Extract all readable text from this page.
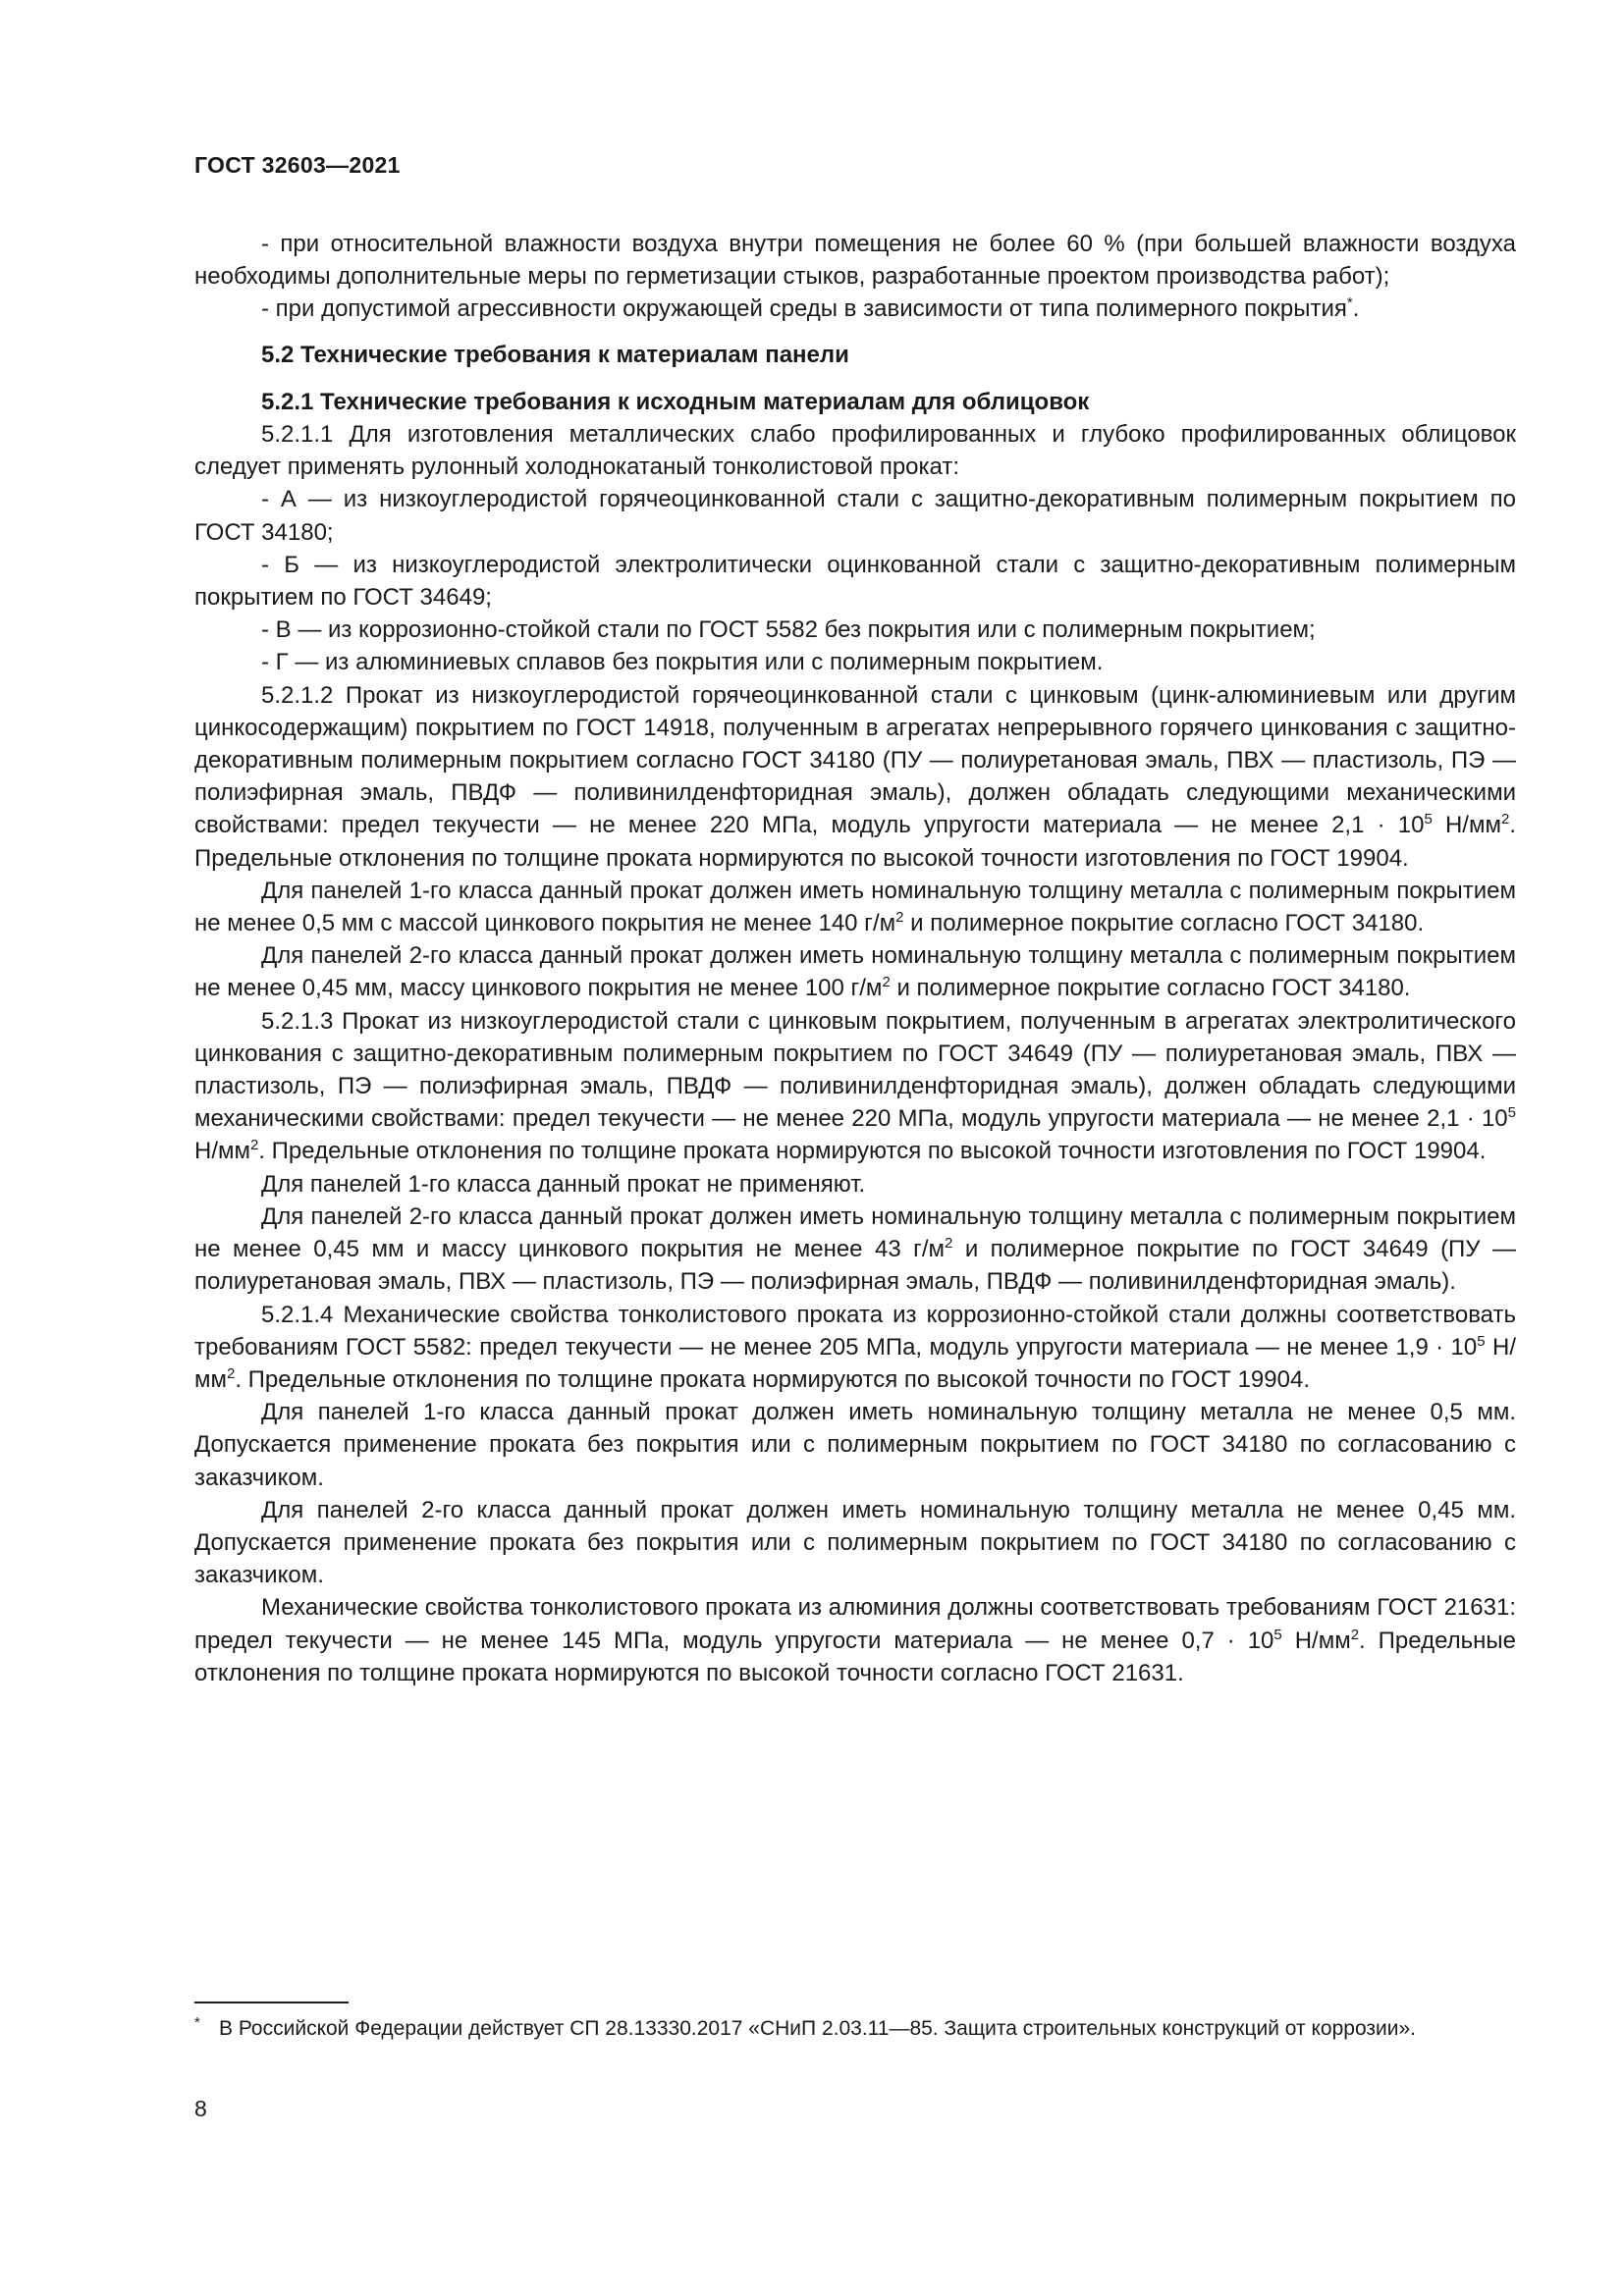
ГОСТ 32603—2021

- при относительной влажности воздуха внутри помещения не более 60 % (при большей влажности воздуха необходимы дополнительные меры по герметизации стыков, разработанные проектом производства работ);

- при допустимой агрессивности окружающей среды в зависимости от типа полимерного покрытия*.

5.2 Технические требования к материалам панели

5.2.1 Технические требования к исходным материалам для облицовок

5.2.1.1 Для изготовления металлических слабо профилированных и глубоко профилированных облицовок следует применять рулонный холоднокатаный тонколистовой прокат:

- А — из низкоуглеродистой горячеоцинкованной стали с защитно-декоративным полимерным покрытием по ГОСТ 34180;

- Б — из низкоуглеродистой электролитически оцинкованной стали с защитно-декоративным полимерным покрытием по ГОСТ 34649;

- В — из коррозионно-стойкой стали по ГОСТ 5582 без покрытия или с полимерным покрытием;

- Г — из алюминиевых сплавов без покрытия или с полимерным покрытием.

5.2.1.2 Прокат из низкоуглеродистой горячеоцинкованной стали с цинковым (цинк-алюминиевым или другим цинкосодержащим) покрытием по ГОСТ 14918, полученным в агрегатах непрерывного горячего цинкования с защитно-декоративным полимерным покрытием согласно ГОСТ 34180 (ПУ — полиуретановая эмаль, ПВХ — пластизоль, ПЭ — полиэфирная эмаль, ПВДФ — поливинилденфторидная эмаль), должен обладать следующими механическими свойствами: предел текучести — не менее 220 МПа, модуль упругости материала — не менее $2,1 \cdot 10^5$ $Н/мм^2$. Предельные отклонения по толщине проката нормируются по высокой точности изготовления по ГОСТ 19904.

Для панелей 1-го класса данный прокат должен иметь номинальную толщину металла с полимерным покрытием не менее 0,5 мм с массой цинкового покрытия не менее 140 $г/м^2$ и полимерное покрытие согласно ГОСТ 34180.

Для панелей 2-го класса данный прокат должен иметь номинальную толщину металла с полимерным покрытием не менее 0,45 мм, массу цинкового покрытия не менее 100 $г/м^2$ и полимерное покрытие согласно ГОСТ 34180.

5.2.1.3 Прокат из низкоуглеродистой стали с цинковым покрытием, полученным в агрегатах электролитического цинкования с защитно-декоративным полимерным покрытием по ГОСТ 34649 (ПУ — полиуретановая эмаль, ПВХ — пластизоль, ПЭ — полиэфирная эмаль, ПВДФ — поливинилденфторидная эмаль), должен обладать следующими механическими свойствами: предел текучести — не менее 220 МПа, модуль упругости материала — не менее $2,1 \cdot 10^5$ $Н/мм^2$. Предельные отклонения по толщине проката нормируются по высокой точности изготовления по ГОСТ 19904.

Для панелей 1-го класса данный прокат не применяют.

Для панелей 2-го класса данный прокат должен иметь номинальную толщину металла с полимерным покрытием не менее 0,45 мм и массу цинкового покрытия не менее 43 $г/м^2$ и полимерное покрытие по ГОСТ 34649 (ПУ — полиуретановая эмаль, ПВХ — пластизоль, ПЭ — полиэфирная эмаль, ПВДФ — поливинилденфторидная эмаль).

5.2.1.4 Механические свойства тонколистового проката из коррозионно-стойкой стали должны соответствовать требованиям ГОСТ 5582: предел текучести — не менее 205 МПа, модуль упругости материала — не менее $1,9 \cdot 10^5$ $Н/мм^2$. Предельные отклонения по толщине проката нормируются по высокой точности по ГОСТ 19904.

Для панелей 1-го класса данный прокат должен иметь номинальную толщину металла не менее 0,5 мм. Допускается применение проката без покрытия или с полимерным покрытием по ГОСТ 34180 по согласованию с заказчиком.

Для панелей 2-го класса данный прокат должен иметь номинальную толщину металла не менее 0,45 мм. Допускается применение проката без покрытия или с полимерным покрытием по ГОСТ 34180 по согласованию с заказчиком.

Механические свойства тонколистового проката из алюминия должны соответствовать требованиям ГОСТ 21631: предел текучести — не менее 145 МПа, модуль упругости материала — не менее $0,7 \cdot 10^5$ $Н/мм^2$. Предельные отклонения по толщине проката нормируются по высокой точности согласно ГОСТ 21631.

* В Российской Федерации действует СП 28.13330.2017 «СНиП 2.03.11—85. Защита строительных конструкций от коррозии».
8
